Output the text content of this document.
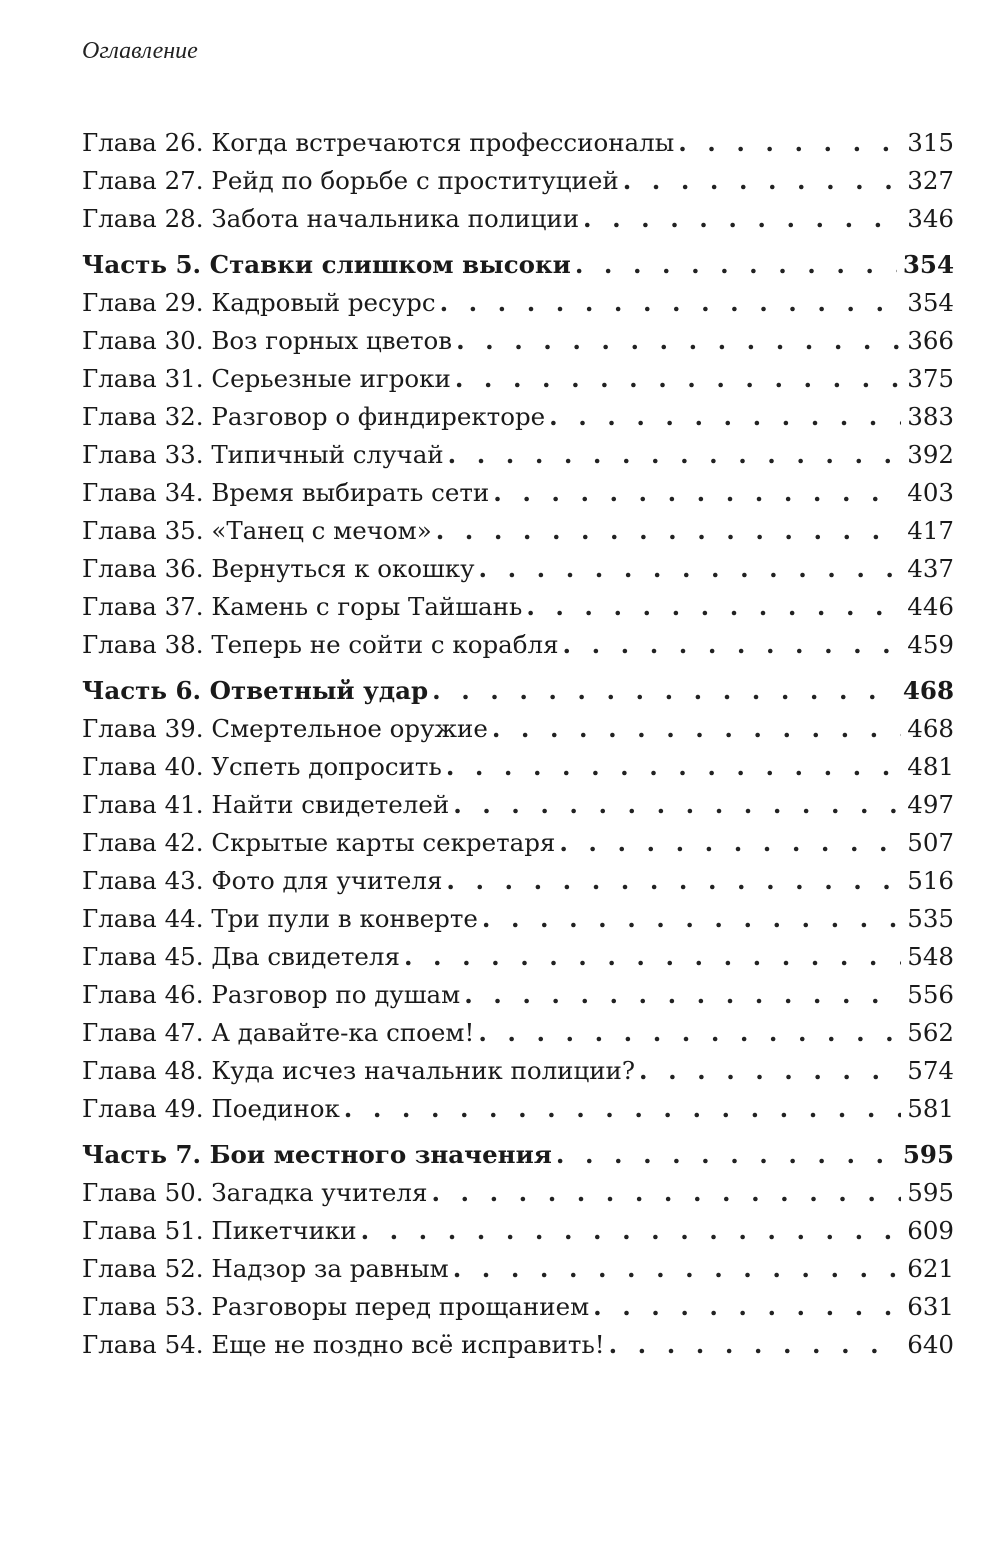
Оглавление
Глава 26. Когда встречаются профессионалы . . .	315
Глава 27. Рейд по борьбе с проституцией . . .	327
Глава 28. Забота начальника полиции . . .	346
Часть 5. Ставки слишком высоки . . .	354
Глава 29. Кадровый ресурс . . .	354
Глава 30. Воз горных цветов . . .	366
Глава 31. Серьезные игроки . . .	375
Глава 32. Разговор о финдиректоре . . .	383
Глава 33. Типичный случай . . .	392
Глава 34. Время выбирать сети . . .	403
Глава 35. «Танец с мечом» . . .	417
Глава 36. Вернуться к окошку . . .	437
Глава 37. Камень с горы Тайшань . . .	446
Глава 38. Теперь не сойти с корабля . . .	459
Часть 6. Ответный удар . . .	468
Глава 39. Смертельное оружие . . .	468
Глава 40. Успеть допросить . . .	481
Глава 41. Найти свидетелей . . .	497
Глава 42. Скрытые карты секретаря . . .	507
Глава 43. Фото для учителя . . .	516
Глава 44. Три пули в конверте . . .	535
Глава 45. Два свидетеля . . .	548
Глава 46. Разговор по душам . . .	556
Глава 47. А давайте-ка споем! . . .	562
Глава 48. Куда исчез начальник полиции? . . .	574
Глава 49. Поединок . . .	581
Часть 7. Бои местного значения . . .	595
Глава 50. Загадка учителя . . .	595
Глава 51. Пикетчики . . .	609
Глава 52. Надзор за равным . . .	621
Глава 53. Разговоры перед прощанием . . .	631
Глава 54. Еще не поздно всё исправить! . . .	640
